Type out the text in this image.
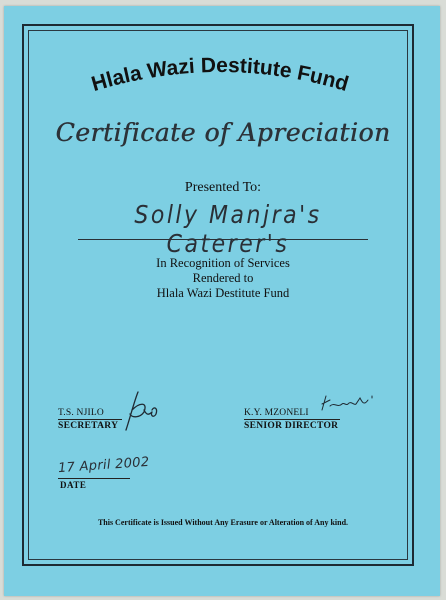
Hlala Wazi Destitute Fund
Certificate of Apreciation
Presented To:
Solly Manjra's Caterer's
In Recognition of Services
Rendered to
Hlala Wazi Destitute Fund
T.S. NJILO
SECRETARY
K.Y. MZONELI
SENIOR DIRECTOR
17 April 2002
DATE
This Certificate is Issued Without Any Erasure or Alteration of Any kind.
